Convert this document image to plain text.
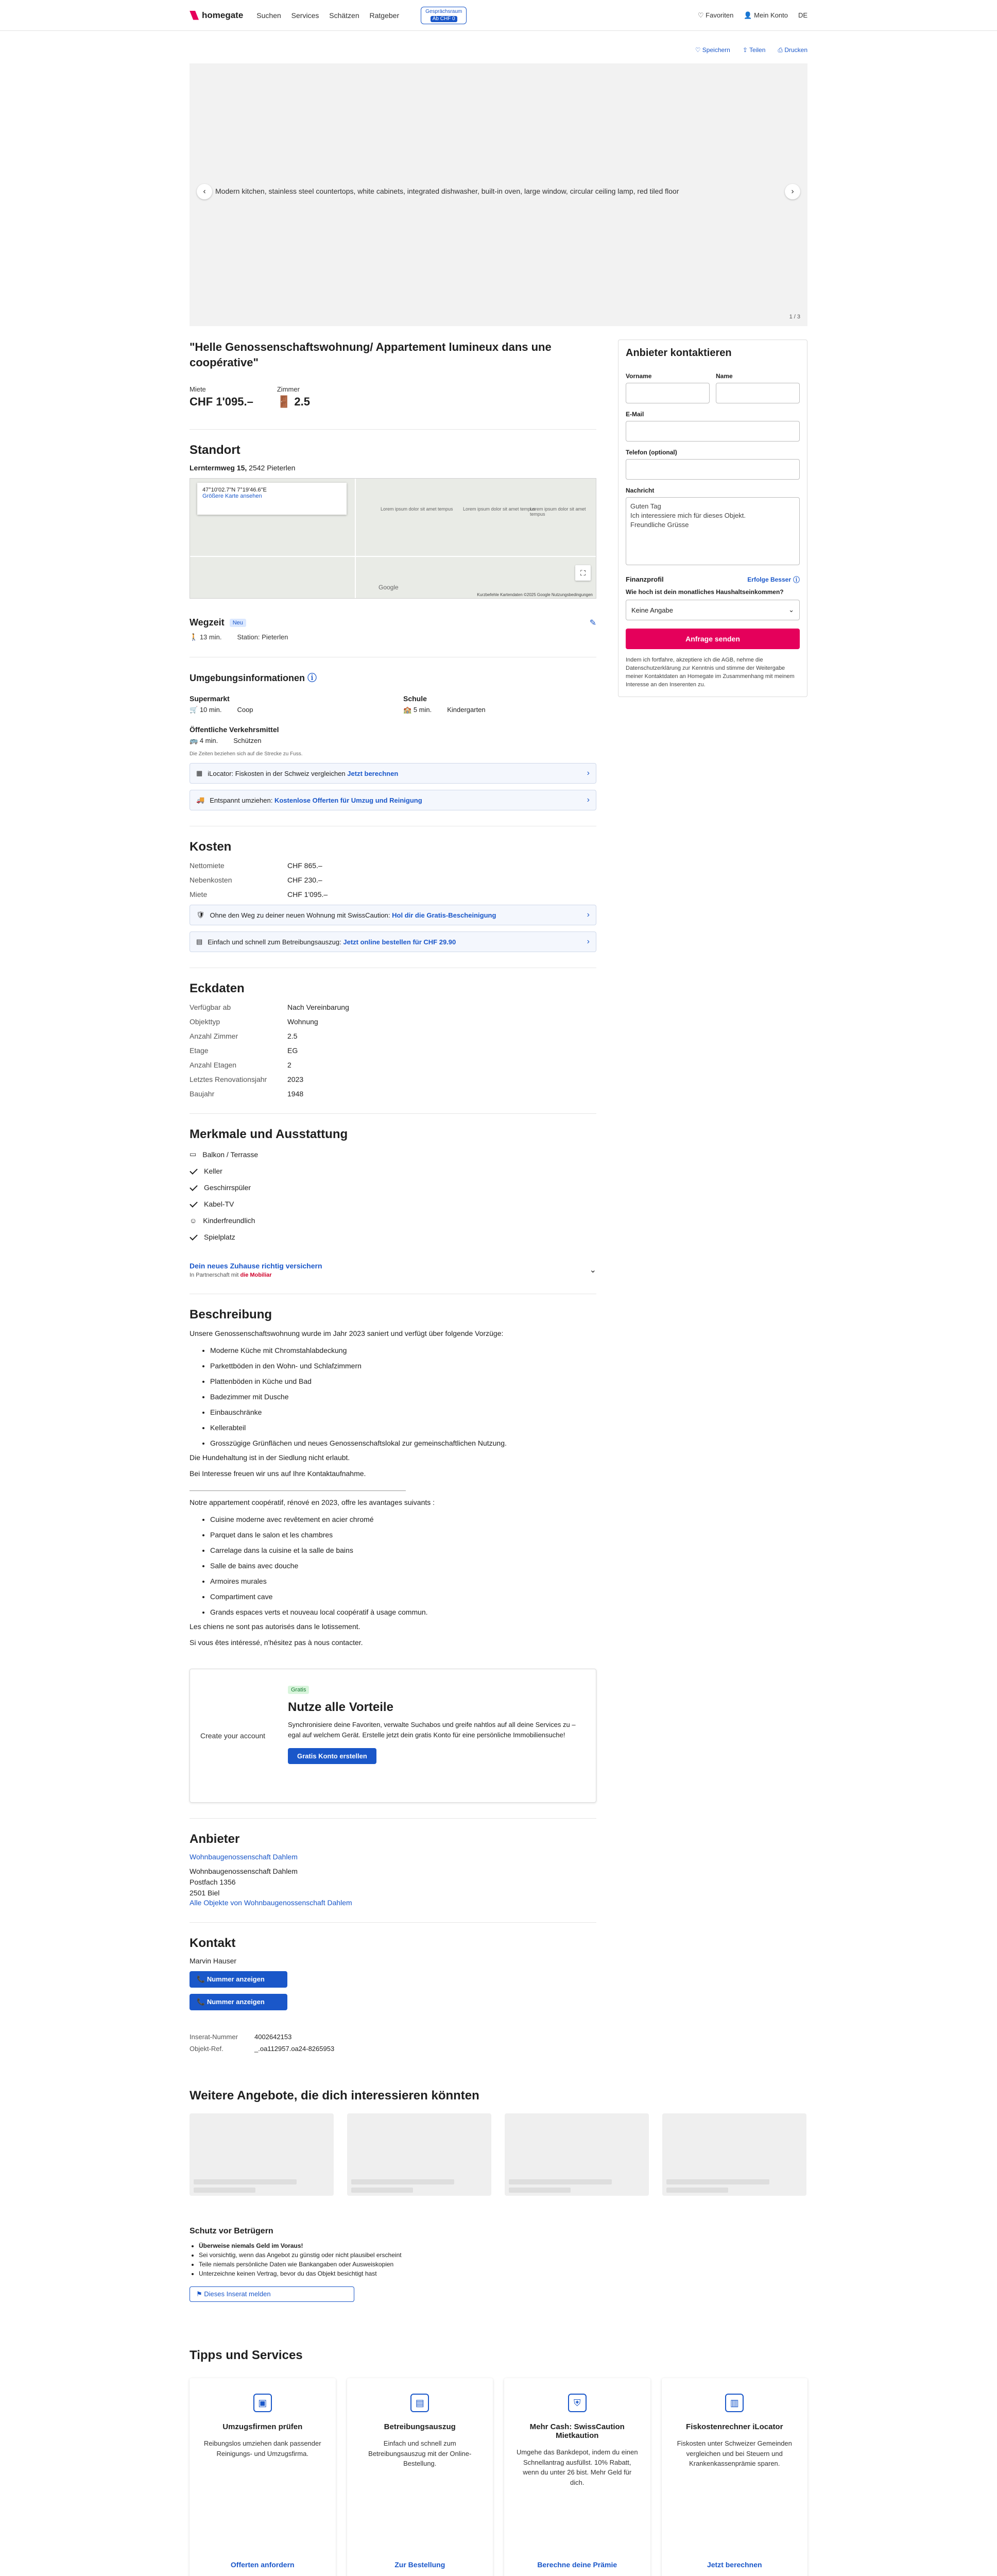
homegate Suchen Services Schätzen Ratgeber	Gesprächsraum
Ab CHF 0	♡ Favoriten 👤 Mein Konto DE
♡ Speichern ⇪ Teilen ⎙ Drucken
‹	Modern kitchen, stainless steel countertops, white cabinets, integrated dishwasher, built-in oven, large window, circular ceiling lamp, red tiled floor	›
1 / 3
"Helle Genossenschaftswohnung/ Appartement lumineux dans une coopérative"
Miete
CHF 1'095.–
Zimmer
🚪 2.5
Standort
Lerntermweg 15, 2542 Pieterlen
47°10'02.7"N 7°19'46.6"E
Größere Karte ansehen
Lorem ipsum dolor sit amet tempus Lorem ipsum dolor sit amet tempus
Lorem ipsum dolor sit amet tempus
⛶
Google
Kurzbefehle Kartendaten ©2025 Google Nutzungsbedingungen
Wegzeit	Neu	✎
🚶 13 min. Station: Pieterlen
Umgebungsinformationen ⓘ
Supermarkt
🛒 10 min. Coop
Schule
🏫 5 min. Kindergarten
Öffentliche Verkehrsmittel
🚌 4 min. Schützen
Die Zeiten beziehen sich auf die Strecke zu Fuss.
▦ iLocator: Fiskosten in der Schweiz vergleichen Jetzt berechnen	›
🚚 Entspannt umziehen: Kostenlose Offerten für Umzug und Reinigung	›
Kosten
Nettomiete	CHF 865.–
Nebenkosten	CHF 230.–
Miete	CHF 1'095.–
🛡 Ohne den Weg zu deiner neuen Wohnung mit SwissCaution: Hol dir die Gratis-Bescheinigung	›
▤ Einfach und schnell zum Betreibungsauszug: Jetzt online bestellen für CHF 29.90	›
Eckdaten
Verfügbar ab	Nach Vereinbarung
Objekttyp	Wohnung
Anzahl Zimmer	2.5
Etage	EG
Anzahl Etagen	2
Letztes Renovationsjahr	2023
Baujahr	1948
Merkmale und Ausstattung
▭ Balkon / Terrasse
Keller
Geschirrspüler
Kabel-TV
☺ Kinderfreundlich
Spielplatz
Dein neues Zuhause richtig versichern
In Partnerschaft mit die Mobiliar
⌄
Beschreibung

Unsere Genossenschaftswohnung wurde im Jahr 2023 saniert und verfügt über folgende Vorzüge:

• Moderne Küche mit Chromstahlabdeckung
• Parkettböden in den Wohn- und Schlafzimmern
• Plattenböden in Küche und Bad
• Badezimmer mit Dusche
• Einbauschränke
• Kellerabteil
• Grosszügige Grünflächen und neues Genossenschaftslokal zur gemeinschaftlichen Nutzung.

Die Hundehaltung ist in der Siedlung nicht erlaubt.

Bei Interesse freuen wir uns auf Ihre Kontaktaufnahme.

Notre appartement coopératif, rénové en 2023, offre les avantages suivants :

• Cuisine moderne avec revêtement en acier chromé
• Parquet dans le salon et les chambres
• Carrelage dans la cuisine et la salle de bains
• Salle de bains avec douche
• Armoires murales
• Compartiment cave
• Grands espaces verts et nouveau local coopératif à usage commun.

Les chiens ne sont pas autorisés dans le lotissement.

Si vous êtes intéressé, n'hésitez pas à nous contacter.

Create your account
Gratis
Nutze alle Vorteile

Synchronisiere deine Favoriten, verwalte Suchabos und greife nahtlos auf all deine Services zu – egal auf welchem Gerät. Erstelle jetzt dein gratis Konto für eine persönliche Immobiliensuche!

Gratis Konto erstellen
Anbieter
Wohnbaugenossenschaft Dahlem
Wohnbaugenossenschaft Dahlem
Postfach 1356
2501 Biel
Alle Objekte von Wohnbaugenossenschaft Dahlem
Kontakt
Marvin Hauser
📞 Nummer anzeigen
📞 Nummer anzeigen
Inserat-Nummer	4002642153
Objekt-Ref.	_.oa112957.oa24-8265953
Anbieter kontaktieren
Vorname	Name
E-Mail
Telefon (optional)
Nachricht
Guten Tag
Ich interessiere mich für dieses Objekt.
Freundliche Grüsse
Finanzprofil	Erfolge Besser ⓘ
Wie hoch ist dein monatliches Haushaltseinkommen?
Keine Angabe	⌄
Anfrage senden
Indem ich fortfahre, akzeptiere ich die AGB, nehme die Datenschutzerklärung zur Kenntnis und stimme der Weitergabe meiner Kontaktdaten an Homegate im Zusammenhang mit meinem Interesse an den Inserenten zu.
Weitere Angebote, die dich interessieren könnten
Schutz vor Betrügern
• Überweise niemals Geld im Voraus!
• Sei vorsichtig, wenn das Angebot zu günstig oder nicht plausibel erscheint
• Teile niemals persönliche Daten wie Bankangaben oder Ausweiskopien
• Unterzeichne keinen Vertrag, bevor du das Objekt besichtigt hast
⚑ Dieses Inserat melden
Tipps und Services
▣
Umzugsfirmen prüfen

Reibungslos umziehen dank passender Reinigungs- und Umzugsfirma.

Offerten anfordern
▤
Betreibungsauszug

Einfach und schnell zum Betreibungsauszug mit der Online-Bestellung.

Zur Bestellung
⛨
Mehr Cash: SwissCaution Mietkaution

Umgehe das Bankdepot, indem du einen Schnellantrag ausfüllst. 10% Rabatt, wenn du unter 26 bist. Mehr Geld für dich.

Berechne deine Prämie
▥
Fiskostenrechner iLocator

Fiskosten unter Schweizer Gemeinden vergleichen und bei Steuern und Krankenkassenprämie sparen.

Jetzt berechnen
